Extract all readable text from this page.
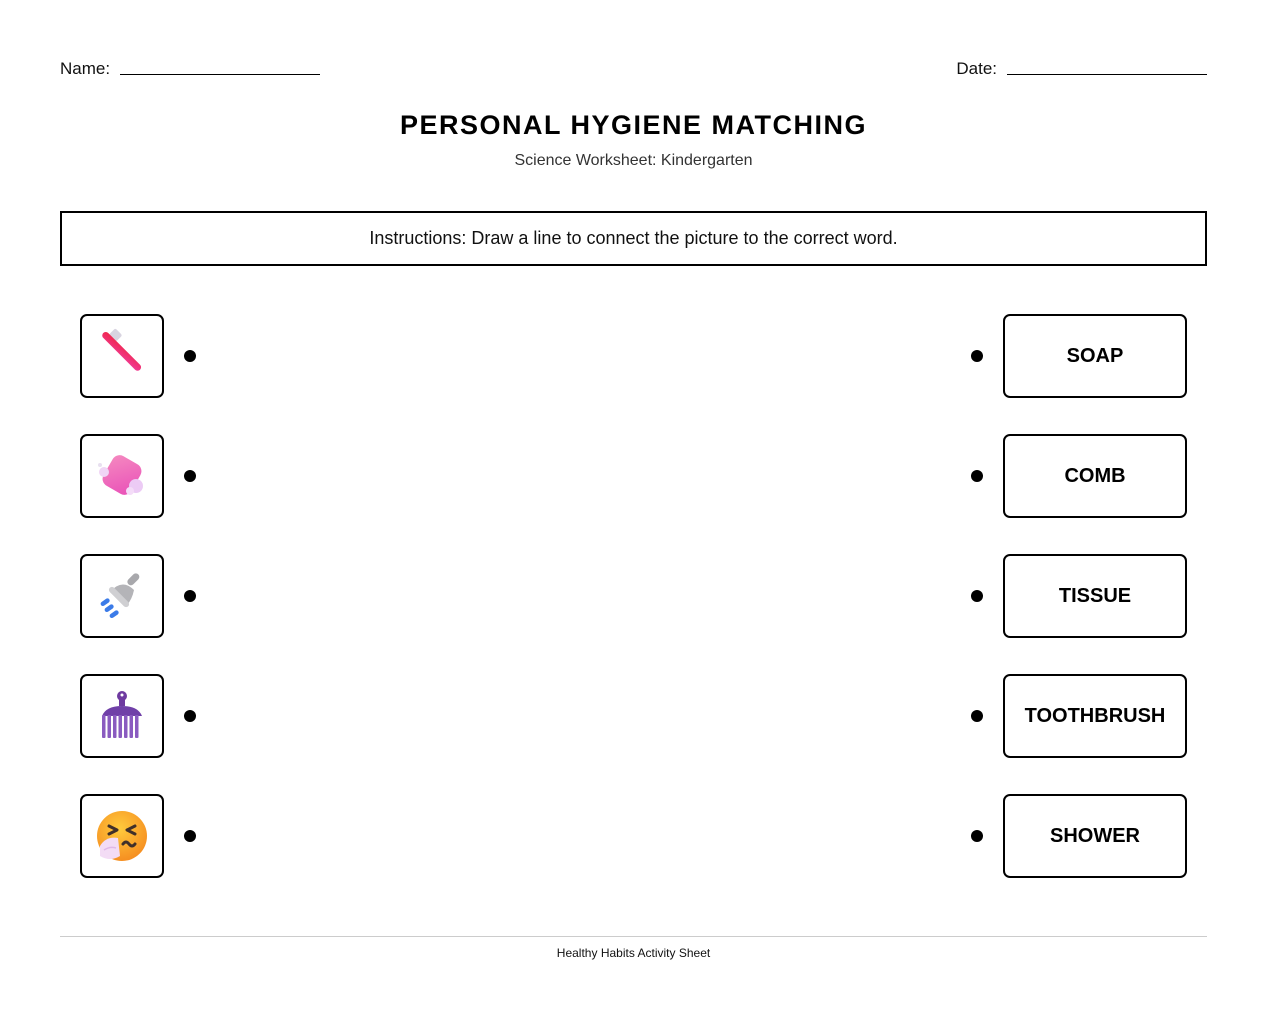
Name:	Date:
PERSONAL HYGIENE MATCHING
Science Worksheet: Kindergarten
Instructions: Draw a line to connect the picture to the correct word.
SOAP
COMB
TISSUE
TOOTHBRUSH
SHOWER
Healthy Habits Activity Sheet
